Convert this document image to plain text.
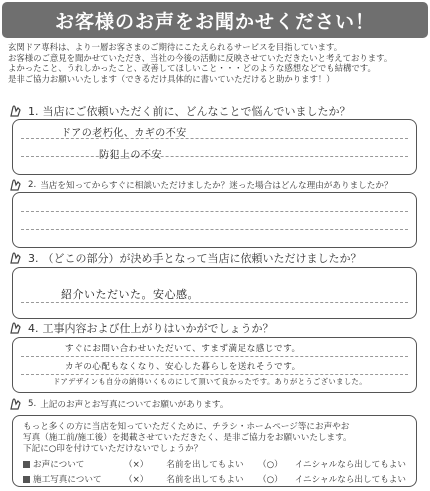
お客様のお声をお聞かせください！
玄関ドア専科は、より一層お客さまのご期待にこたえられるサービスを目指しています。
お客様のご意見を聞かせていただき、当社の今後の活動に反映させていただきたいと考えております。
よかったこと、うれしかったこと、改善してほしいこと・・・どのような感想などでも結構です。
是非ご協力お願いいたします（できるだけ具体的に書いていただけると助かります！）
1. 当店にご依頼いただく前に、どんなことで悩んでいましたか？
ドアの老朽化、カギの不安
防犯上の不安
2. 当店を知ってからすぐに相談いただけましたか？迷った場合はどんな理由がありましたか？
3. （どこの部分）が決め手となって当店に依頼いただけましたか？
紹介いただいた。安心感。
4. 工事内容および仕上がりはいかがでしょうか？
すぐにお問い合わせいただいて、すまず満足な感じです。
カギの心配もなくなり、安心した暮らしを送れそうです。
ドアデザインも自分の納得いくものにして頂いて良かったです。ありがとうございました。
5. 上記のお声とお写真についてお願いがあります。
もっと多くの方に当店を知っていただくために、チラシ・ホームページ等にお声やお
写真（施工前/施工後）を掲載させていただきたく、是非ご協力をお願いいたします。
下記に○印を付けていただけないでしょうか？
お声について	（×）	名前を出してもよい	（○）	イニシャルなら出してもよい
施工写真について	（×）	名前を出してもよい	（○）	イニシャルなら出してもよい
